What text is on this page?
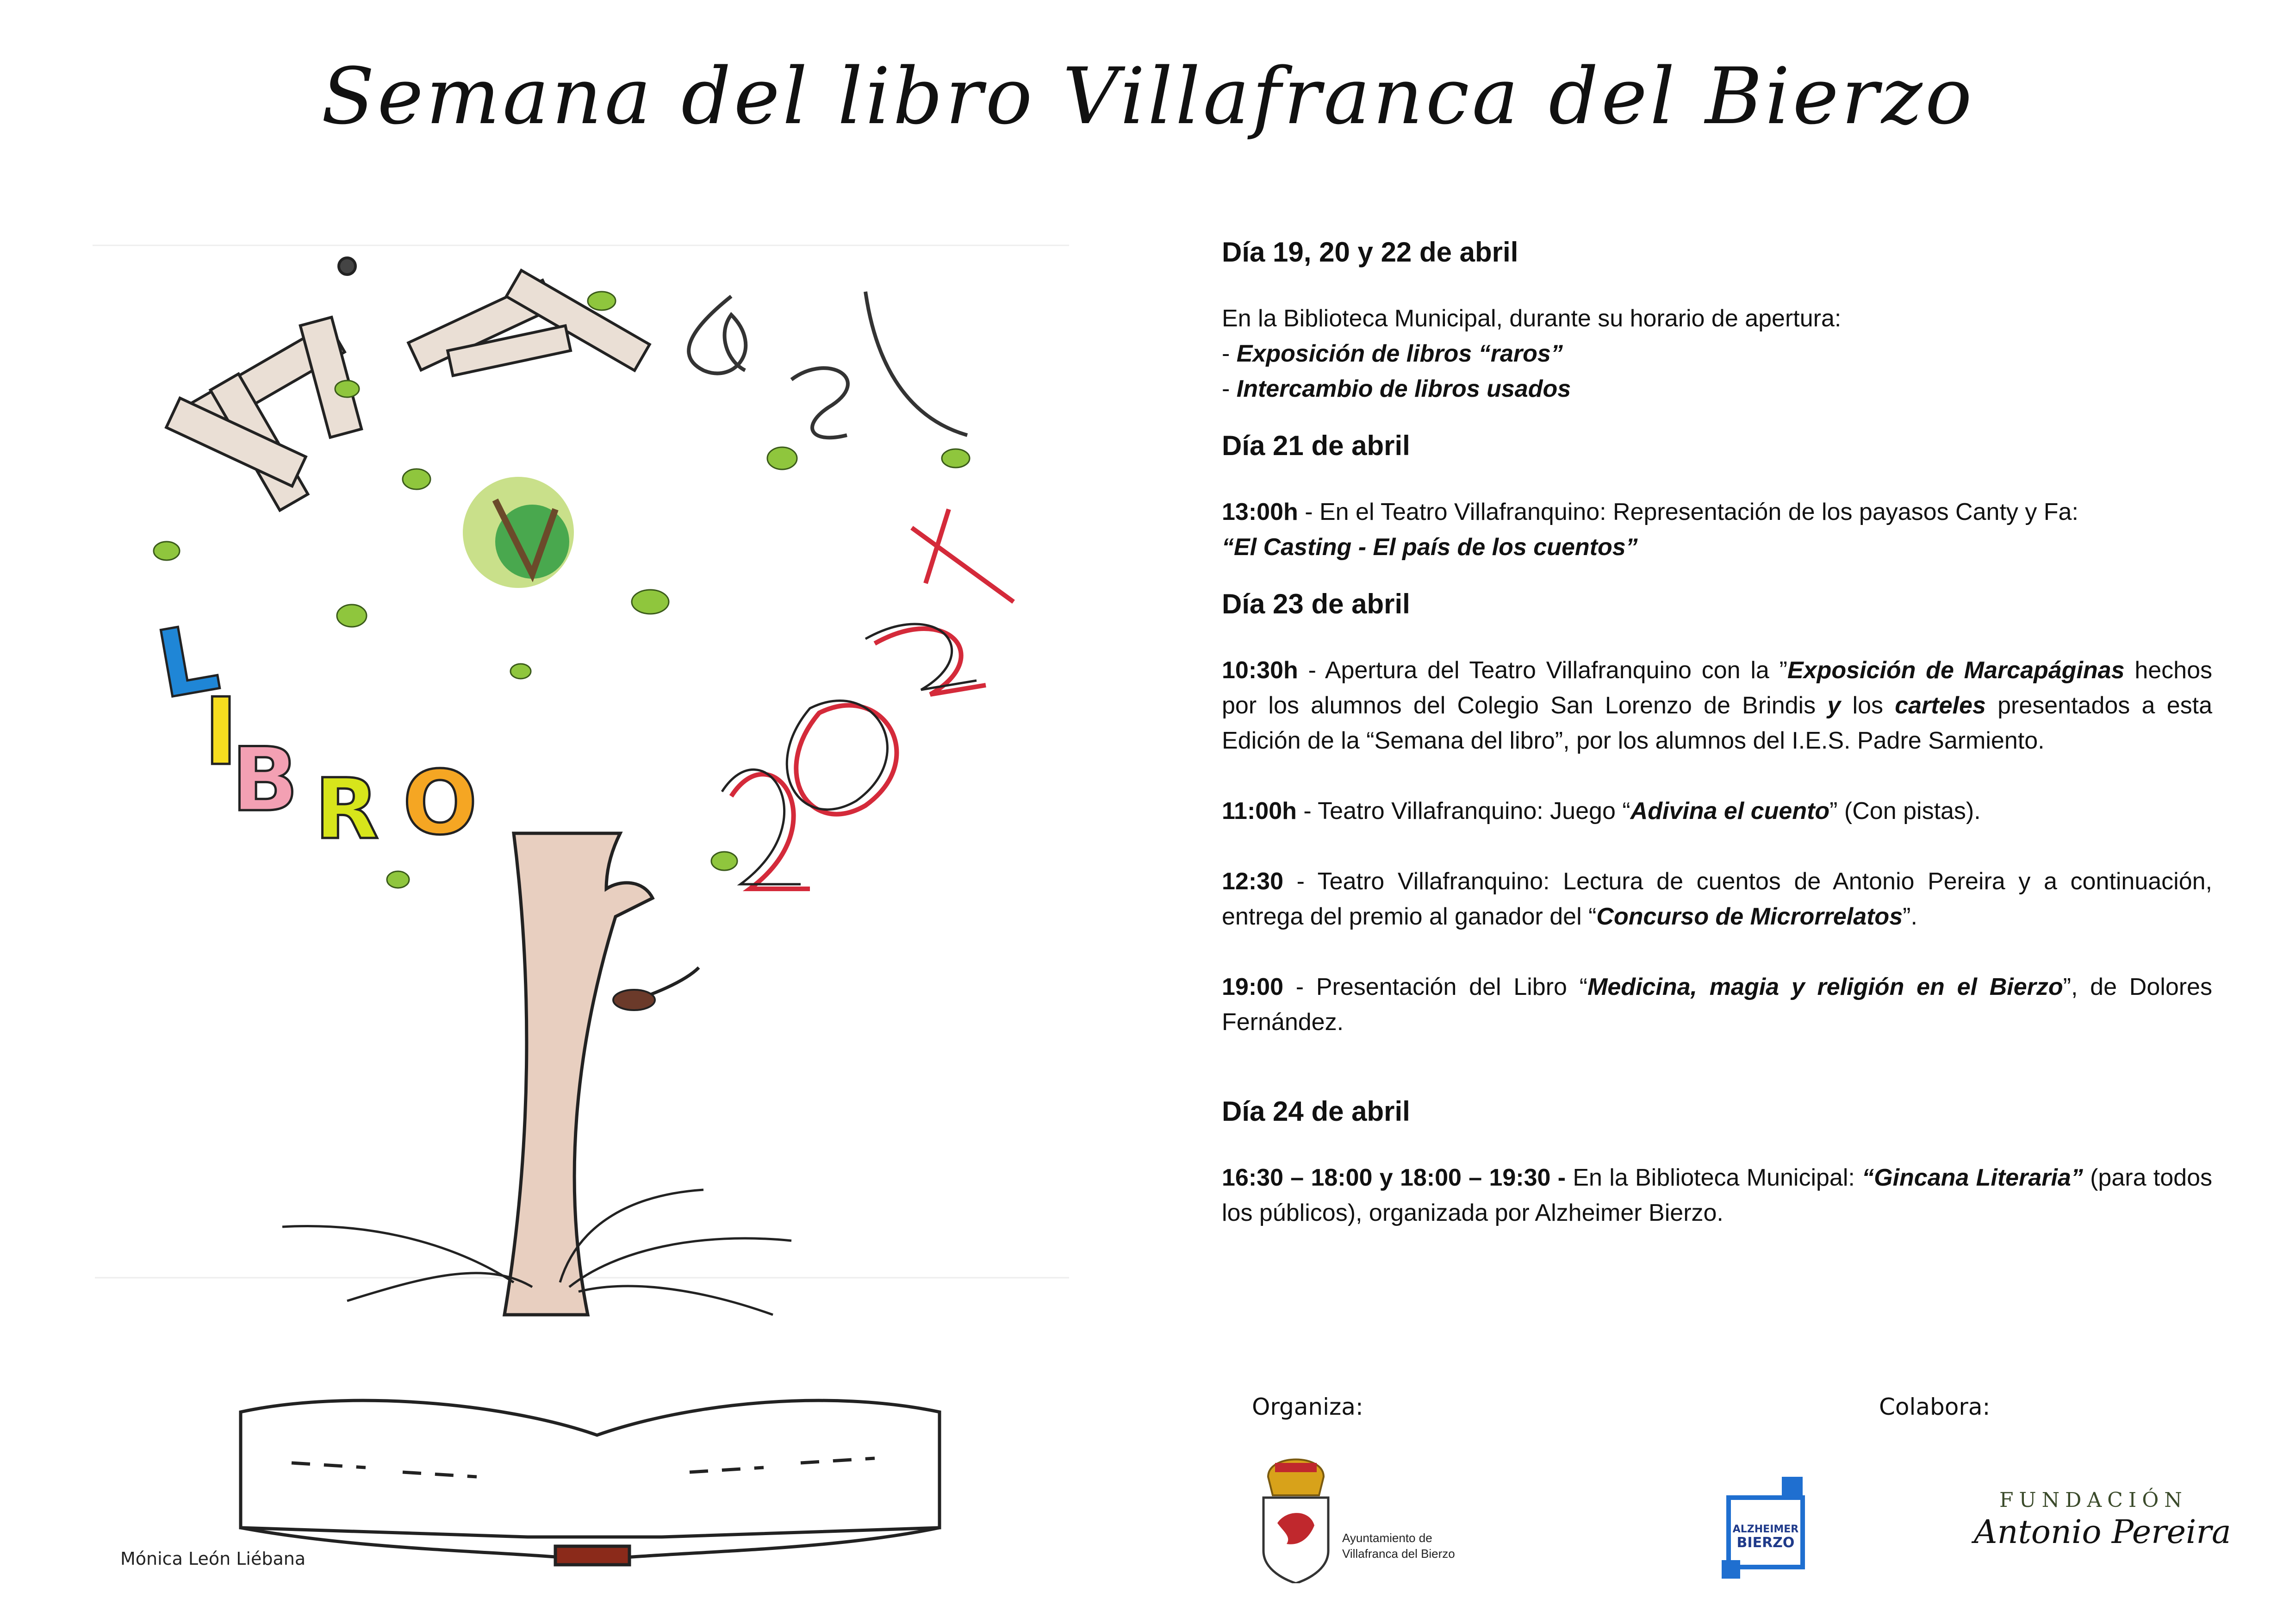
Semana del libro Villafranca del Bierzo
L
I
B R O
Mónica León Liébana

Día 19, 20 y 22 de abril

En la Biblioteca Municipal, durante su horario de apertura:

- Exposición de libros “raros”

- Intercambio de libros usados

Día 21 de abril

13:00h - En el Teatro Villafranquino: Representación de los payasos Canty y Fa:

“El Casting - El país de los cuentos”

Día 23 de abril

10:30h - Apertura del Teatro Villafranquino con la ”Exposición de Marcapáginas hechos por los alumnos del Colegio San Lorenzo de Brindis y los carteles presentados a esta Edición de la “Semana del libro”, por los alumnos del I.E.S. Padre Sarmiento.

11:00h - Teatro Villafranquino: Juego “Adivina el cuento” (Con pistas).

12:30 - Teatro Villafranquino: Lectura de cuentos de Antonio Pereira y a continuación, entrega del premio al ganador del “Concurso de Microrrelatos”.

19:00 - Presentación del Libro “Medicina, magia y religión en el Bierzo”, de Dolores Fernández.

Día 24 de abril

16:30 – 18:00 y 18:00 – 19:30 - En la Biblioteca Municipal: “Gincana Literaria” (para todos los públicos), organizada por Alzheimer Bierzo.

Organiza:	Colabora:
Ayuntamiento de
Villafranca del Bierzo
ALZHEIMER
BIERZO
FUNDACIÓN
Antonio Pereira
